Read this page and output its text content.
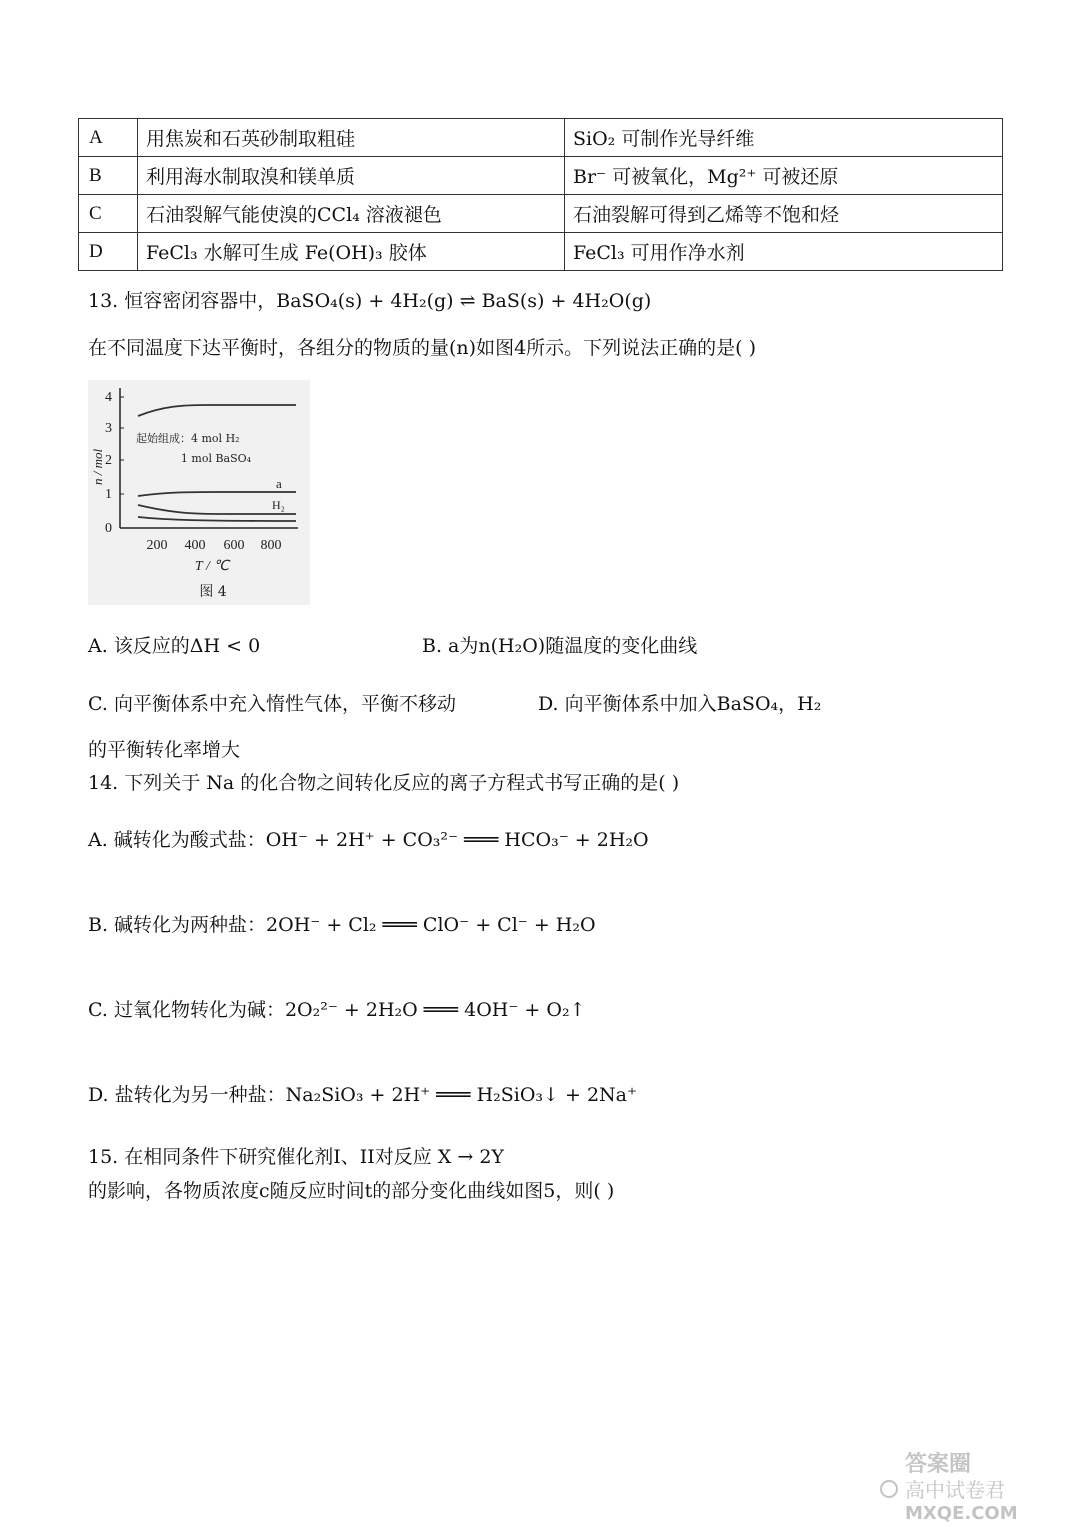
A	用焦炭和石英砂制取粗硅	SiO₂ 可制作光导纤维
B	利用海水制取溴和镁单质	Br⁻ 可被氧化，Mg²⁺ 可被还原
C	石油裂解气能使溴的CCl₄ 溶液褪色	石油裂解可得到乙烯等不饱和烃
D	FeCl₃ 水解可生成 Fe(OH)₃ 胶体	FeCl₃ 可用作净水剂
13. 恒容密闭容器中，BaSO₄(s) + 4H₂(g) ⇌ BaS(s) + 4H₂O(g)
在不同温度下达平衡时，各组分的物质的量(n)如图4所示。下列说法正确的是( )
0
1
2
3
4
200 400 600 800
n / mol
T / ℃
起始组成：4 mol H₂
1 mol BaSO₄
a
H₂
图 4
A. 该反应的ΔH < 0	B. a为n(H₂O)随温度的变化曲线
C. 向平衡体系中充入惰性气体，平衡不移动	D. 向平衡体系中加入BaSO₄，H₂
的平衡转化率增大
14. 下列关于 Na 的化合物之间转化反应的离子方程式书写正确的是( )
A. 碱转化为酸式盐：OH⁻ + 2H⁺ + CO₃²⁻ ═══ HCO₃⁻ + 2H₂O
B. 碱转化为两种盐：2OH⁻ + Cl₂ ═══ ClO⁻ + Cl⁻ + H₂O
C. 过氧化物转化为碱：2O₂²⁻ + 2H₂O ═══ 4OH⁻ + O₂↑
D. 盐转化为另一种盐：Na₂SiO₃ + 2H⁺ ═══ H₂SiO₃↓ + 2Na⁺
15. 在相同条件下研究催化剂I、II对反应 X → 2Y
的影响，各物质浓度c随反应时间t的部分变化曲线如图5，则( )
答案圈
高中试卷君
MXQE.COM
